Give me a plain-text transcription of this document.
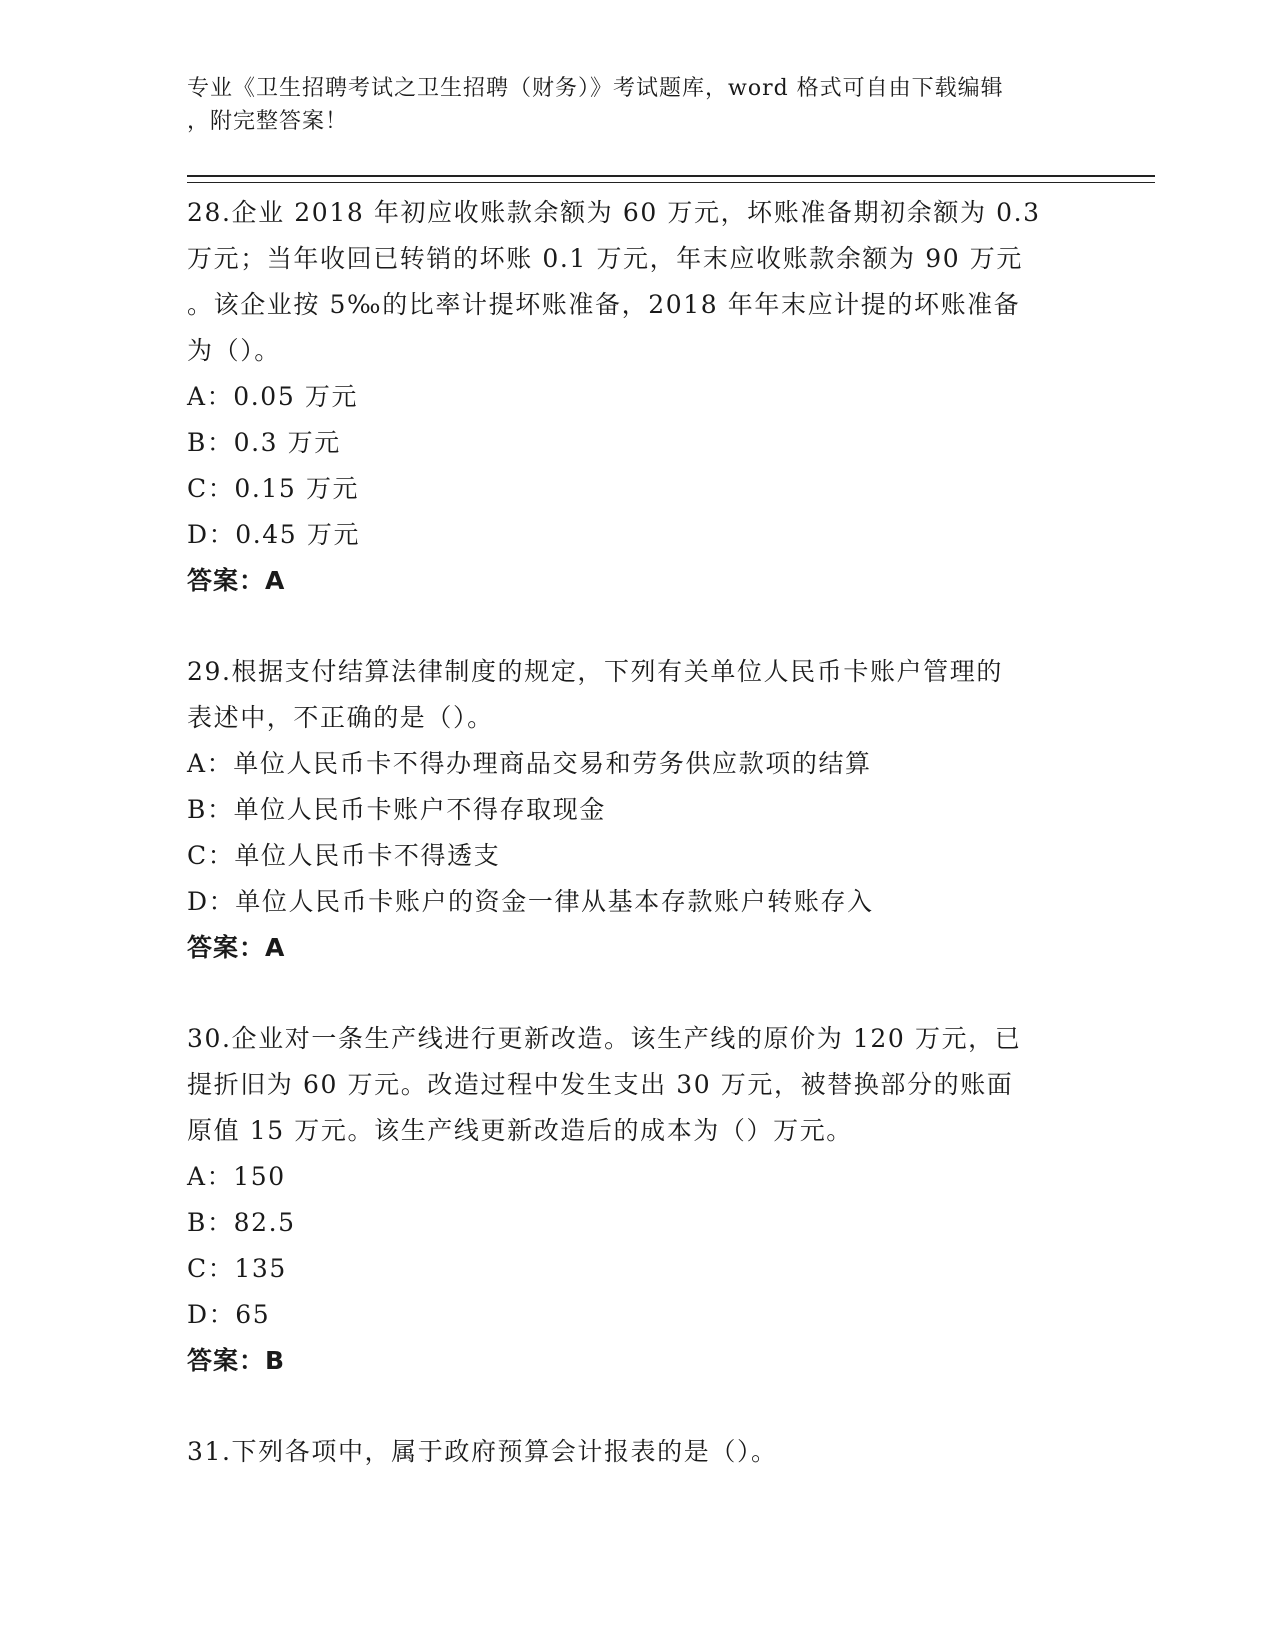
专业《卫生招聘考试之卫生招聘（财务）》考试题库，word 格式可自由下载编辑
，附完整答案！

28.企业 2018 年初应收账款余额为 60 万元，坏账准备期初余额为 0.3

万元；当年收回已转销的坏账 0.1 万元，年末应收账款余额为 90 万元

。该企业按 5‰的比率计提坏账准备，2018 年年末应计提的坏账准备

为（）。

A：0.05 万元

B：0.3 万元

C：0.15 万元

D：0.45 万元

答案：A

29.根据支付结算法律制度的规定，下列有关单位人民币卡账户管理的

表述中，不正确的是（）。

A：单位人民币卡不得办理商品交易和劳务供应款项的结算

B：单位人民币卡账户不得存取现金

C：单位人民币卡不得透支

D：单位人民币卡账户的资金一律从基本存款账户转账存入

答案：A

30.企业对一条生产线进行更新改造。该生产线的原价为 120 万元，已

提折旧为 60 万元。改造过程中发生支出 30 万元，被替换部分的账面

原值 15 万元。该生产线更新改造后的成本为（）万元。

A：150

B：82.5

C：135

D：65

答案：B

31.下列各项中，属于政府预算会计报表的是（）。
